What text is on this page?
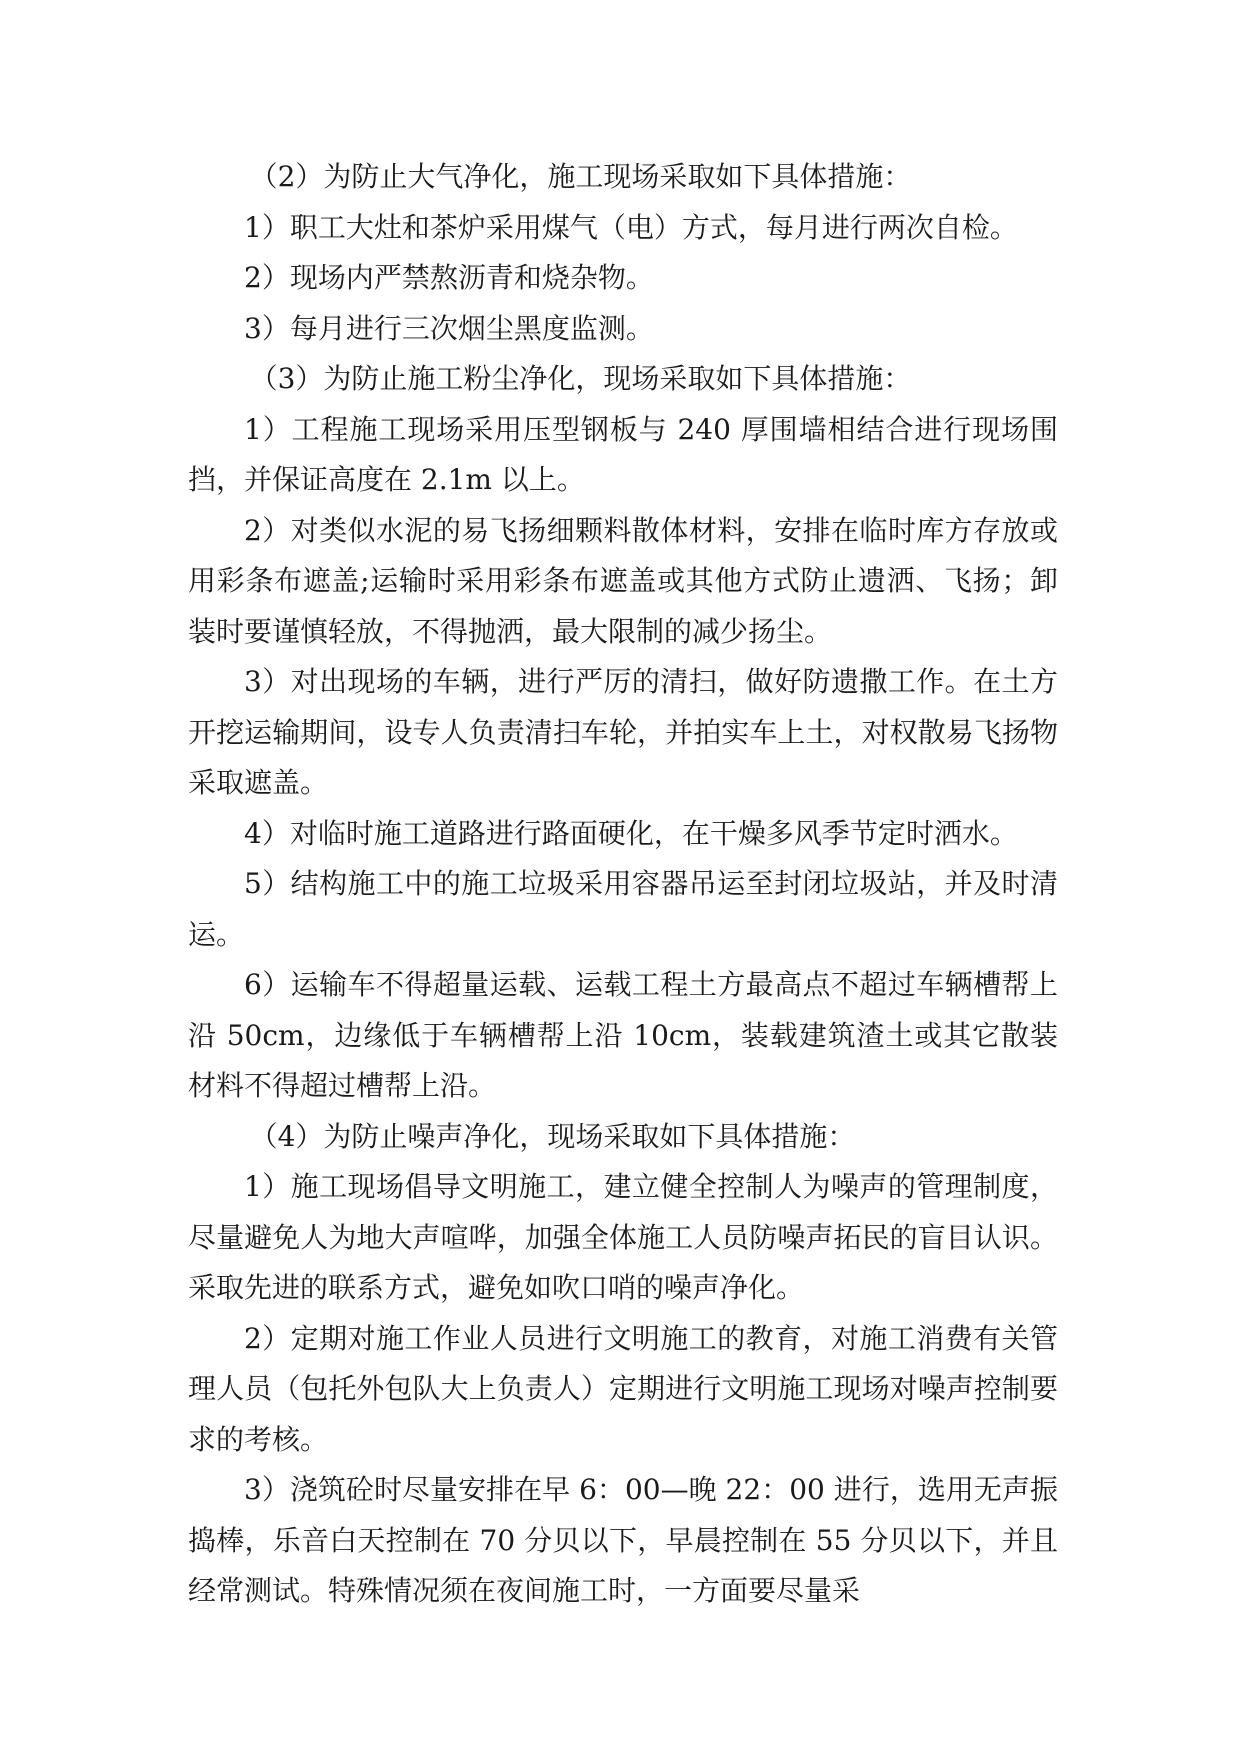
（2）为防止大气净化，施工现场采取如下具体措施：

1）职工大灶和茶炉采用煤气（电）方式，每月进行两次自检。

2）现场内严禁熬沥青和烧杂物。

3）每月进行三次烟尘黑度监测。

（3）为防止施工粉尘净化，现场采取如下具体措施：

1）工程施工现场采用压型钢板与 240 厚围墙相结合进行现场围挡，并保证高度在 2.1m 以上。

2）对类似水泥的易飞扬细颗料散体材料，安排在临时库方存放或用彩条布遮盖;运输时采用彩条布遮盖或其他方式防止遗洒、飞扬；卸装时要谨慎轻放，不得抛洒，最大限制的减少扬尘。

3）对出现场的车辆，进行严厉的清扫，做好防遗撒工作。在土方开挖运输期间，设专人负责清扫车轮，并拍实车上土，对权散易飞扬物采取遮盖。

4）对临时施工道路进行路面硬化，在干燥多风季节定时洒水。

5）结构施工中的施工垃圾采用容器吊运至封闭垃圾站，并及时清运。

6）运输车不得超量运载、运载工程土方最高点不超过车辆槽帮上沿 50cm，边缘低于车辆槽帮上沿 10cm，装载建筑渣土或其它散装材料不得超过槽帮上沿。

（4）为防止噪声净化，现场采取如下具体措施：

1）施工现场倡导文明施工，建立健全控制人为噪声的管理制度，尽量避免人为地大声喧哗，加强全体施工人员防噪声拓民的盲目认识。采取先进的联系方式，避免如吹口哨的噪声净化。

2）定期对施工作业人员进行文明施工的教育，对施工消费有关管理人员（包托外包队大上负责人）定期进行文明施工现场对噪声控制要求的考核。

3）浇筑砼时尽量安排在早 6：00—晚 22：00 进行，选用无声振捣棒，乐音白天控制在 70 分贝以下，早晨控制在 55 分贝以下，并且经常测试。特殊情况须在夜间施工时，一方面要尽量采
